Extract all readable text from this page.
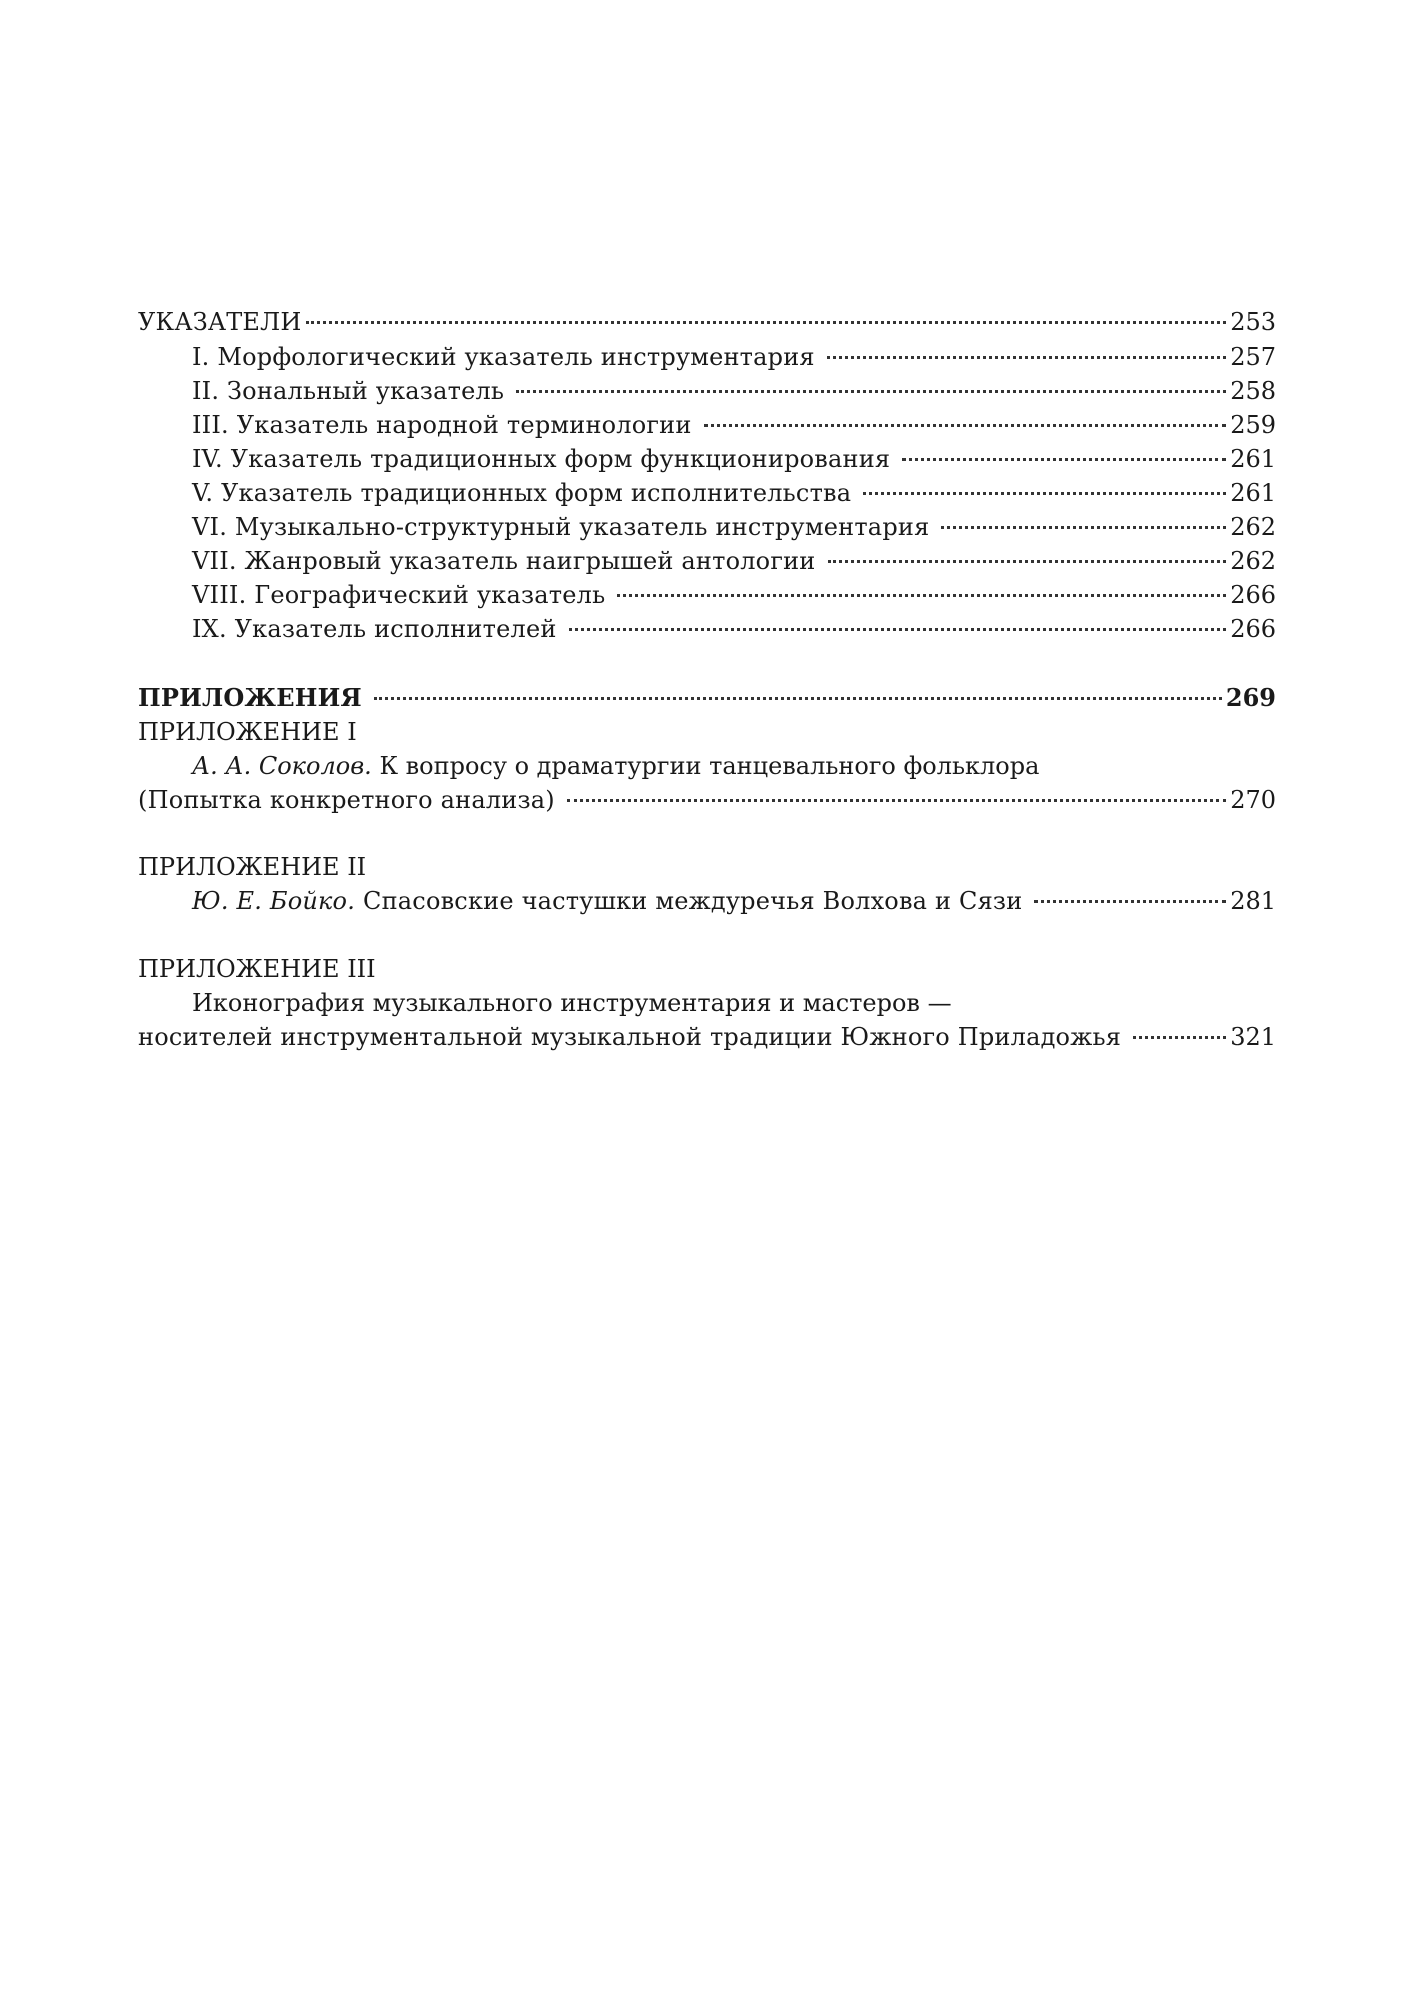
УКАЗАТЕЛИ	253
I. Морфологический указатель инструментария	257
II. Зональный указатель	258
III. Указатель народной терминологии	259
IV. Указатель традиционных форм функционирования	261
V. Указатель традиционных форм исполнительства	261
VI. Музыкально-структурный указатель инструментария	262
VII. Жанровый указатель наигрышей антологии	262
VIII. Географический указатель	266
IX. Указатель исполнителей	266
ПРИЛОЖЕНИЯ	269
ПРИЛОЖЕНИЕ I
А. А. Соколов. К вопросу о драматургии танцевального фольклора
(Попытка конкретного анализа)	270
ПРИЛОЖЕНИЕ II
Ю. Е. Бойко. Спасовские частушки междуречья Волхова и Сязи	281
ПРИЛОЖЕНИЕ III
Иконография музыкального инструментария и мастеров —
носителей инструментальной музыкальной традиции Южного Приладожья	321
